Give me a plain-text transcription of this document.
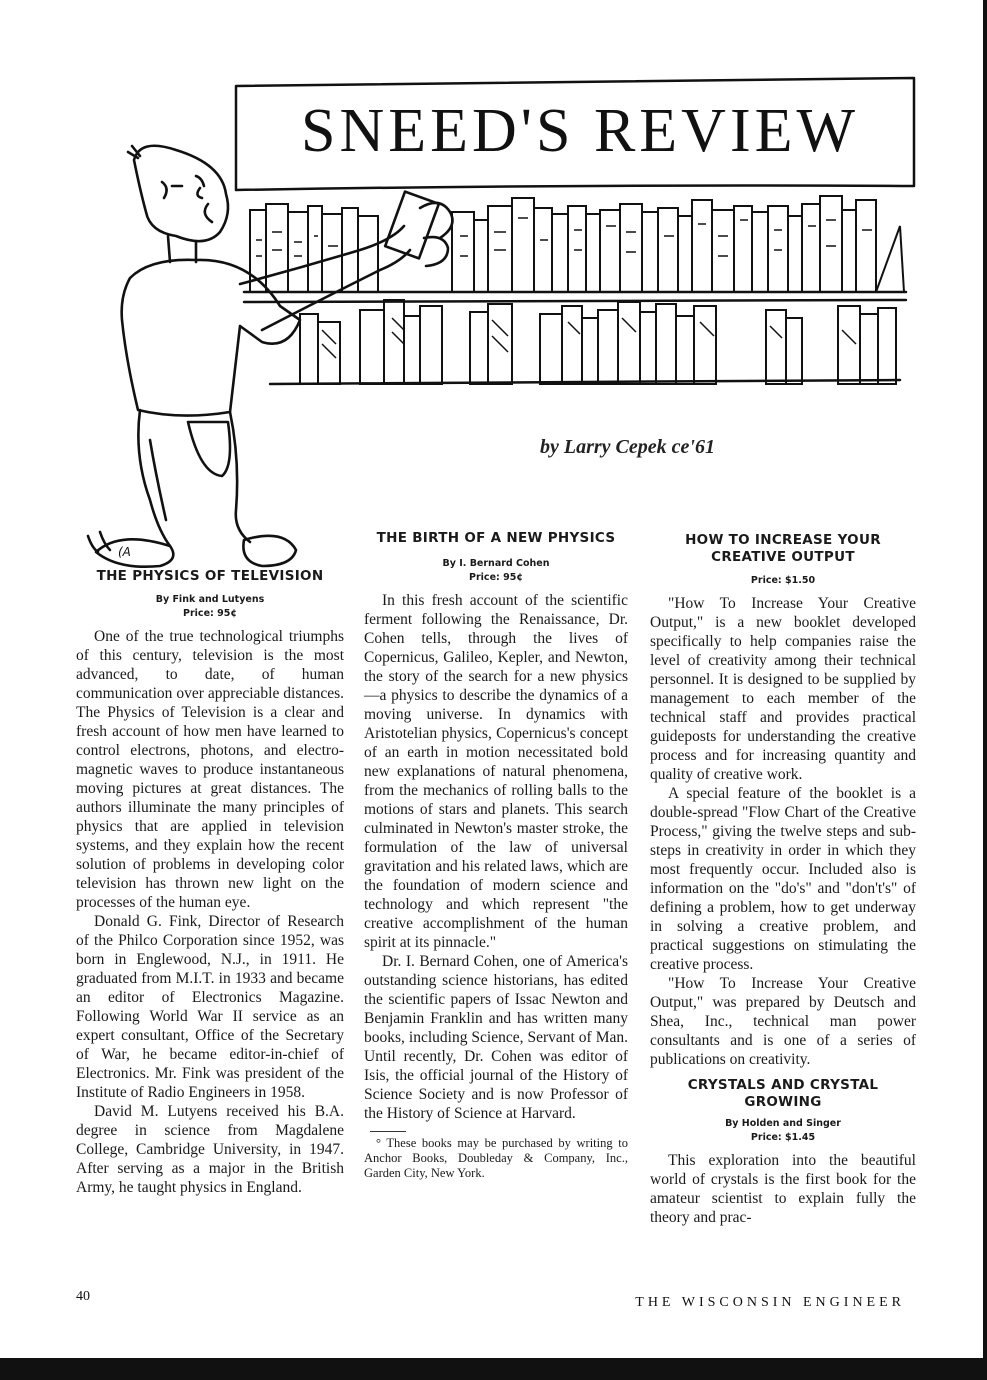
(A
SNEED'S REVIEW
by Larry Cepek ce'61
THE PHYSICS OF TELEVISION
By Fink and Lutyens
Price: 95¢

One of the true technological triumphs of this century, television is the most advanced, to date, of human communication over appreciable distances. The Physics of Television is a clear and fresh account of how men have learned to control electrons, photons, and electro-magnetic waves to produce instantaneous moving pictures at great distances. The authors illuminate the many principles of physics that are applied in television systems, and they explain how the recent solution of problems in developing color television has thrown new light on the processes of the human eye.

Donald G. Fink, Director of Research of the Philco Corporation since 1952, was born in Englewood, N.J., in 1911. He graduated from M.I.T. in 1933 and became an editor of Electronics Magazine. Following World War II service as an expert consultant, Office of the Secretary of War, he became editor-in-chief of Electronics. Mr. Fink was president of the Institute of Radio Engineers in 1958.

David M. Lutyens received his B.A. degree in science from Magdalene College, Cambridge University, in 1947. After serving as a major in the British Army, he taught physics in England.

THE BIRTH OF A NEW PHYSICS
By I. Bernard Cohen
Price: 95¢

In this fresh account of the scientific ferment following the Renaissance, Dr. Cohen tells, through the lives of Copernicus, Galileo, Kepler, and Newton, the story of the search for a new physics—a physics to describe the dynamics of a moving universe. In dynamics with Aristotelian physics, Copernicus's concept of an earth in motion necessitated bold new explanations of natural phenomena, from the mechanics of rolling balls to the motions of stars and planets. This search culminated in Newton's master stroke, the formulation of the law of universal gravitation and his related laws, which are the foundation of modern science and technology and which represent "the creative accomplishment of the human spirit at its pinnacle."

Dr. I. Bernard Cohen, one of America's outstanding science historians, has edited the scientific papers of Issac Newton and Benjamin Franklin and has written many books, including Science, Servant of Man. Until recently, Dr. Cohen was editor of Isis, the official journal of the History of Science Society and is now Professor of the History of Science at Harvard.

° These books may be purchased by writing to Anchor Books, Doubleday & Company, Inc., Garden City, New York.
HOW TO INCREASE YOUR CREATIVE OUTPUT
Price: $1.50

"How To Increase Your Creative Output," is a new booklet developed specifically to help companies raise the level of creativity among their technical personnel. It is designed to be supplied by management to each member of the technical staff and provides practical guideposts for understanding the creative process and for increasing quantity and quality of creative work.

A special feature of the booklet is a double-spread "Flow Chart of the Creative Process," giving the twelve steps and sub-steps in creativity in order in which they most frequently occur. Included also is information on the "do's" and "don't's" of defining a problem, how to get underway in solving a creative problem, and practical suggestions on stimulating the creative process.

"How To Increase Your Creative Output," was prepared by Deutsch and Shea, Inc., technical man power consultants and is one of a series of publications on creativity.

CRYSTALS AND CRYSTAL GROWING
By Holden and Singer
Price: $1.45

This exploration into the beautiful world of crystals is the first book for the amateur scientist to explain fully the theory and prac-

40	THE WISCONSIN ENGINEER
